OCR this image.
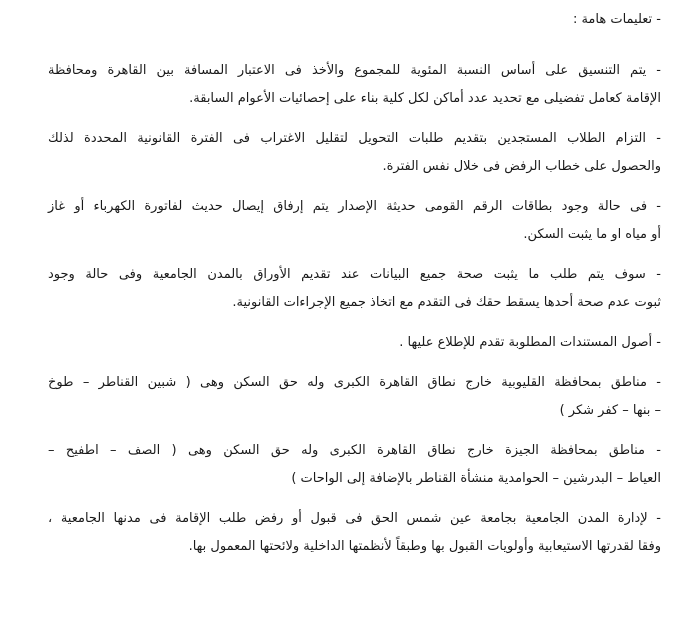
- تعليمات هامة :
- يتم التنسيق على أساس النسبة المئوية للمجموع والأخذ فى الاعتبار المسافة بين القاهرة ومحافظة
الإقامة كعامل تفضيلى مع تحديد عدد أماكن لكل كلية بناء على إحصائيات الأعوام السابقة.
- التزام الطلاب المستجدين بتقديم طلبات التحويل لتقليل الاغتراب فى الفترة القانونية المحددة لذلك
والحصول على خطاب الرفض فى خلال نفس الفترة.
- فى حالة وجود بطاقات الرقم القومى حديثة الإصدار يتم إرفاق إيصال حديث لفاتورة الكهرباء أو غاز
أو مياه او ما يثبت السكن.
- سوف يتم طلب ما يثبت صحة جميع البيانات عند تقديم الأوراق بالمدن الجامعية وفى حالة وجود
ثبوت عدم صحة أحدها يسقط حقك فى التقدم مع اتخاذ جميع الإجراءات القانونية.
- أصول المستندات المطلوبة تقدم للإطلاع عليها .
- مناطق بمحافظة القليوبية خارج نطاق القاهرة الكبرى وله حق السكن وهى ( شبين القناطر – طوخ
– بنها – كفر شكر )
- مناطق بمحافظة الجيزة خارج نطاق القاهرة الكبرى وله حق السكن وهى ( الصف – اطفيح –
العياط – البدرشين – الحوامدية منشأة القناطر بالإضافة إلى الواحات )
- لإدارة المدن الجامعية بجامعة عين شمس الحق فى قبول أو رفض طلب الإقامة فى مدنها الجامعية ،
وفقا لقدرتها الاستيعابية وأولويات القبول بها وطبقاً لأنظمتها الداخلية ولائحتها المعمول بها.
